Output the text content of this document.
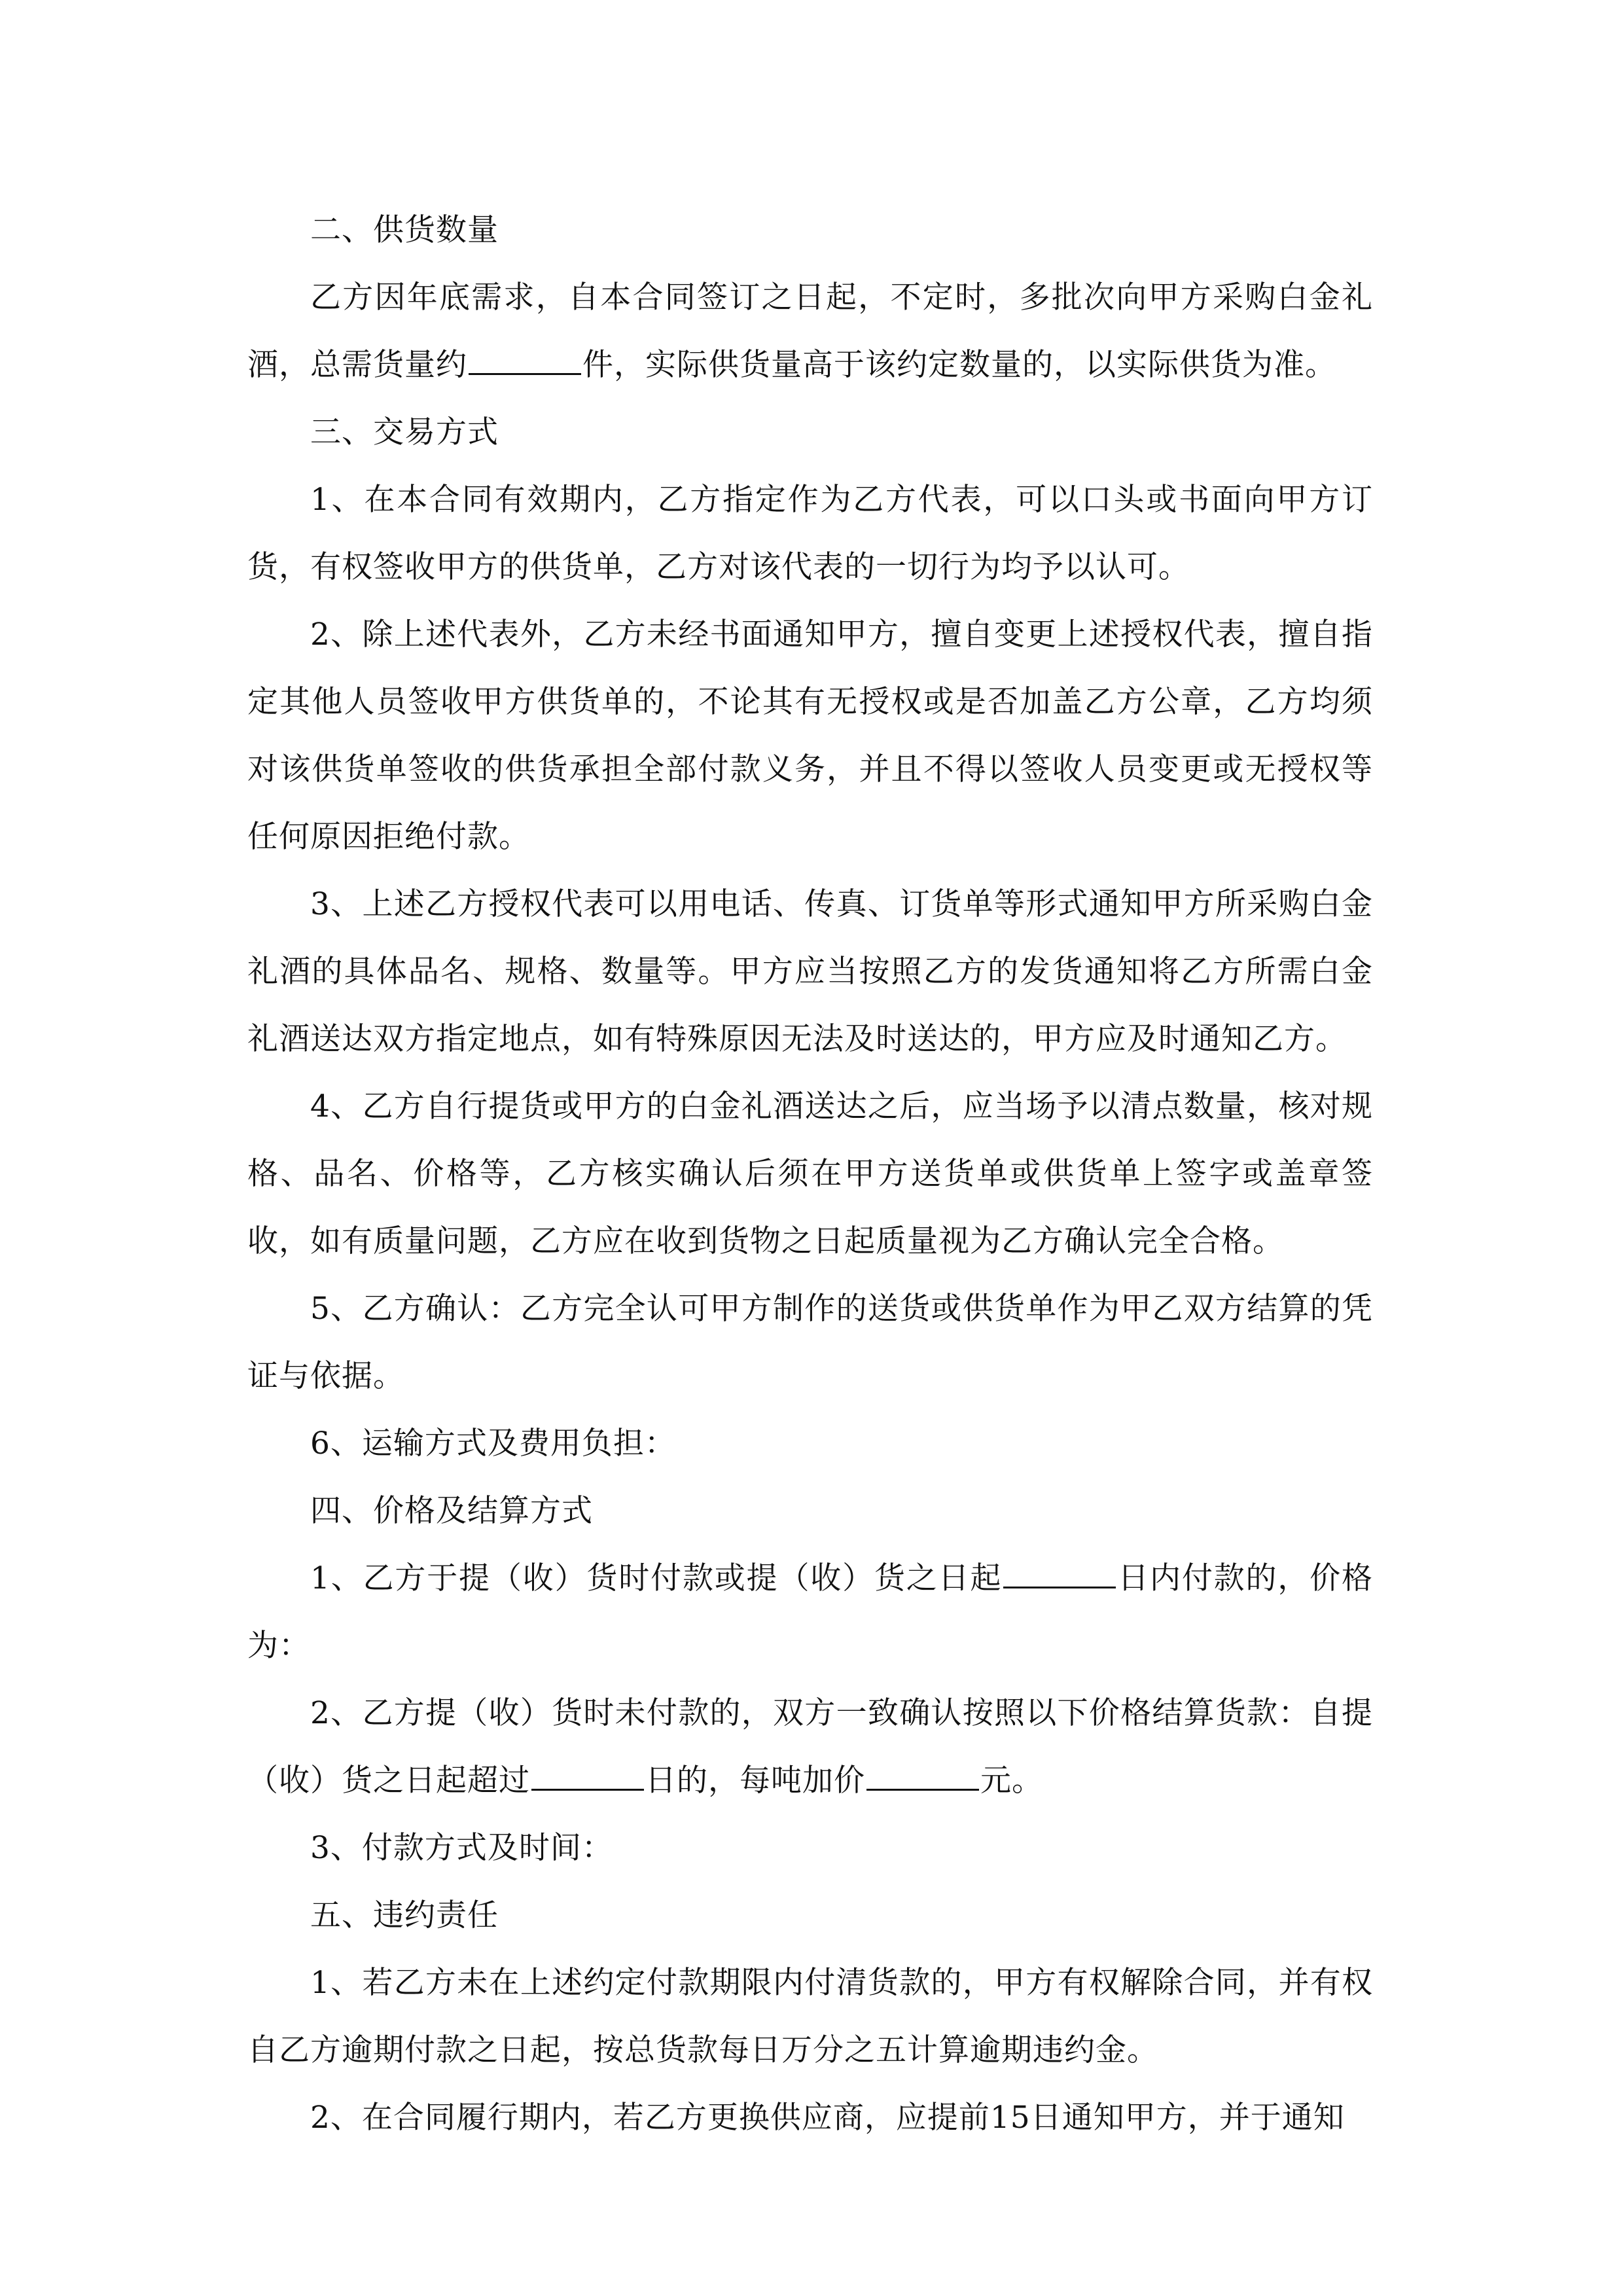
二、供货数量

乙方因年底需求，自本合同签订之日起，不定时，多批次向甲方采购白金礼酒，总需货量约	件，实际供货量高于该约定数量的，以实际供货为准。

三、交易方式

1、在本合同有效期内，乙方指定作为乙方代表，可以口头或书面向甲方订货，有权签收甲方的供货单，乙方对该代表的一切行为均予以认可。

2、除上述代表外，乙方未经书面通知甲方，擅自变更上述授权代表，擅自指定其他人员签收甲方供货单的，不论其有无授权或是否加盖乙方公章，乙方均须对该供货单签收的供货承担全部付款义务，并且不得以签收人员变更或无授权等任何原因拒绝付款。

3、上述乙方授权代表可以用电话、传真、订货单等形式通知甲方所采购白金礼酒的具体品名、规格、数量等。甲方应当按照乙方的发货通知将乙方所需白金礼酒送达双方指定地点，如有特殊原因无法及时送达的，甲方应及时通知乙方。

4、乙方自行提货或甲方的白金礼酒送达之后，应当场予以清点数量，核对规格、品名、价格等，乙方核实确认后须在甲方送货单或供货单上签字或盖章签收，如有质量问题，乙方应在收到货物之日起质量视为乙方确认完全合格。

5、乙方确认：乙方完全认可甲方制作的送货或供货单作为甲乙双方结算的凭证与依据。

6、运输方式及费用负担：

四、价格及结算方式

1、乙方于提（收）货时付款或提（收）货之日起	日内付款的，价格为：

2、乙方提（收）货时未付款的，双方一致确认按照以下价格结算货款：自提（收）货之日起超过	日的，每吨加价	元。

3、付款方式及时间：

五、违约责任

1、若乙方未在上述约定付款期限内付清货款的，甲方有权解除合同，并有权自乙方逾期付款之日起，按总货款每日万分之五计算逾期违约金。

2、在合同履行期内，若乙方更换供应商，应提前15日通知甲方，并于通知
